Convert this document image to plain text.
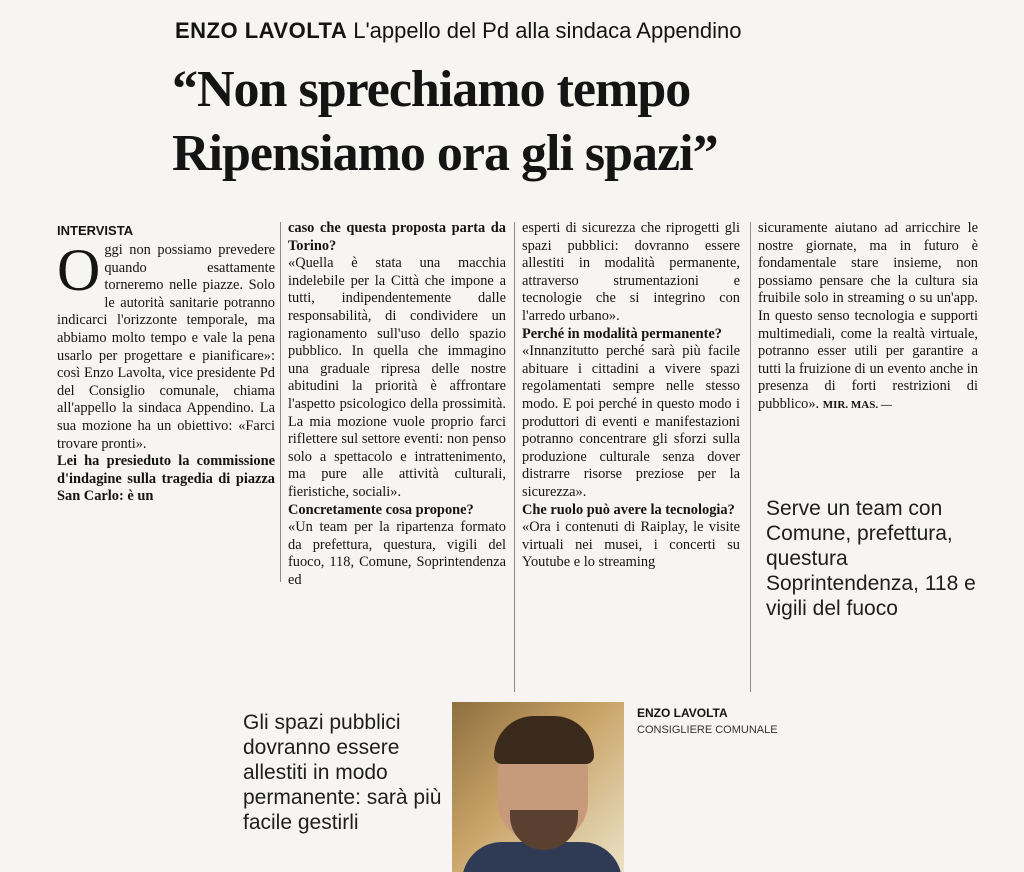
ENZO LAVOLTA L'appello del Pd alla sindaca Appendino
“Non sprechiamo tempo
Ripensiamo ora gli spazi”
INTERVISTA

Oggi non possiamo prevedere quando esattamente torneremo nelle piazze. Solo le autorità sanitarie potranno indicarci l'orizzonte temporale, ma abbiamo molto tempo e vale la pena usarlo per progettare e pianificare»: così Enzo Lavolta, vice presidente Pd del Consiglio comunale, chiama all'appello la sindaca Appendino. La sua mozione ha un obiettivo: «Farci trovare pronti».

Lei ha presieduto la commissione d'indagine sulla tragedia di piazza San Carlo: è un

caso che questa proposta parta da Torino?

«Quella è stata una macchia indelebile per la Città che impone a tutti, indipendentemente dalle responsabilità, di condividere un ragionamento sull'uso dello spazio pubblico. In quella che immagino una graduale ripresa delle nostre abitudini la priorità è affrontare l'aspetto psicologico della prossimità. La mia mozione vuole proprio farci riflettere sul settore eventi: non penso solo a spettacolo e intrattenimento, ma pure alle attività culturali, fieristiche, sociali».

Concretamente cosa propone?

«Un team per la ripartenza formato da prefettura, questura, vigili del fuoco, 118, Comune, Soprintendenza ed

esperti di sicurezza che riprogetti gli spazi pubblici: dovranno essere allestiti in modalità permanente, attraverso strumentazioni e tecnologie che si integrino con l'arredo urbano».

Perché in modalità permanente?

«Innanzitutto perché sarà più facile abituare i cittadini a vivere spazi regolamentati sempre nelle stesso modo. E poi perché in questo modo i produttori di eventi e manifestazioni potranno concentrare gli sforzi sulla produzione culturale senza dover distrarre risorse preziose per la sicurezza».

Che ruolo può avere la tecnologia?

«Ora i contenuti di Raiplay, le visite virtuali nei musei, i concerti su Youtube e lo streaming

sicuramente aiutano ad arricchire le nostre giornate, ma in futuro è fondamentale stare insieme, non possiamo pensare che la cultura sia fruibile solo in streaming o su un'app. In questo senso tecnologia e supporti multimediali, come la realtà virtuale, potranno esser utili per garantire a tutti la fruizione di un evento anche in presenza di forti restrizioni di pubblico». MIR. MAS. —

Serve un team con Comune, prefettura, questura Soprintendenza, 118 e vigili del fuoco

Gli spazi pubblici dovranno essere allestiti in modo permanente: sarà più facile gestirli

ENZO LAVOLTA
CONSIGLIERE COMUNALE
